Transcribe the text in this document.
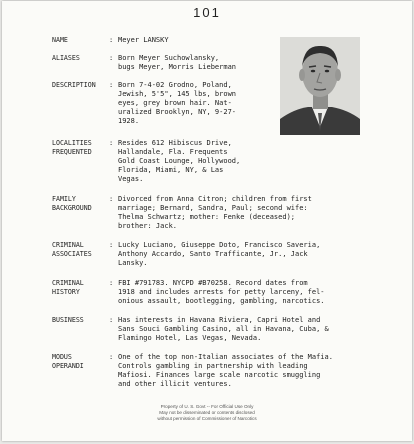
101
NAME	: Meyer LANSKY
ALIASES	: Born Meyer Suchowlansky,
bugs Meyer, Morris Lieberman
DESCRIPTION	: Born 7-4-02 Grodno, Poland,
Jewish, 5'5", 145 lbs, brown
eyes, grey brown hair. Nat-
uralized Brooklyn, NY, 9-27-
1928.
LOCALITIES
FREQUENTED
: Resides 612 Hibiscus Drive,
Hallandale, Fla. Frequents
Gold Coast Lounge, Hollywood,
Florida, Miami, NY, & Las
Vegas.
FAMILY
BACKGROUND
: Divorced from Anna Citron; children from first
marriage; Bernard, Sandra, Paul; second wife:
Thelma Schwartz; mother: Fenke (deceased);
brother: Jack.
CRIMINAL
ASSOCIATES
: Lucky Luciano, Giuseppe Doto, Francisco Saveria,
Anthony Accardo, Santo Trafficante, Jr., Jack
Lansky.
CRIMINAL
HISTORY
: FBI #791783. NYCPD #B70258. Record dates from
1918 and includes arrests for petty larceny, fel-
onious assault, bootlegging, gambling, narcotics.
BUSINESS	: Has interests in Havana Riviera, Capri Hotel and
Sans Souci Gambling Casino, all in Havana, Cuba, &
Flamingo Hotel, Las Vegas, Nevada.
MODUS
OPERANDI
: One of the top non-Italian associates of the Mafia.
Controls gambling in partnership with leading
Mafiosi. Finances large scale narcotic smuggling
and other illicit ventures.
Property of U. S. Govt -- For Official Use Only
May not be disseminated or contents disclosed
without permission of Commissioner of Narcotics
